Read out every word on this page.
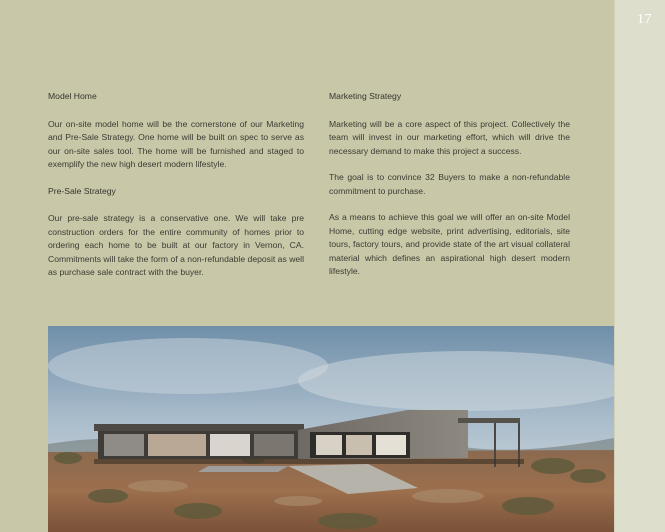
Model Home

Our on-site model home will be the cornerstone of our Marketing and Pre-Sale Strategy. One home will be built on spec to serve as our on-site sales tool. The home will be furnished and staged to exemplify the new high desert modern lifestyle.

Pre-Sale Strategy

Our pre-sale strategy is a conservative one. We will take pre construction orders for the entire community of homes prior to ordering each home to be built at our factory in Vernon, CA. Commitments will take the form of a non-refundable deposit as well as purchase sale contract with the buyer.

Marketing Strategy

Marketing will be a core aspect of this project. Collectively the team will invest in our marketing effort, which will drive the necessary demand to make this project a success.

The goal is to convince 32 Buyers to make a non-refundable commitment to purchase.

As a means to achieve this goal we will offer an on-site Model Home, cutting edge website, print advertising, editorials, site tours, factory tours, and provide state of the art visual collateral material which defines an aspirational high desert modern lifestyle.

17
